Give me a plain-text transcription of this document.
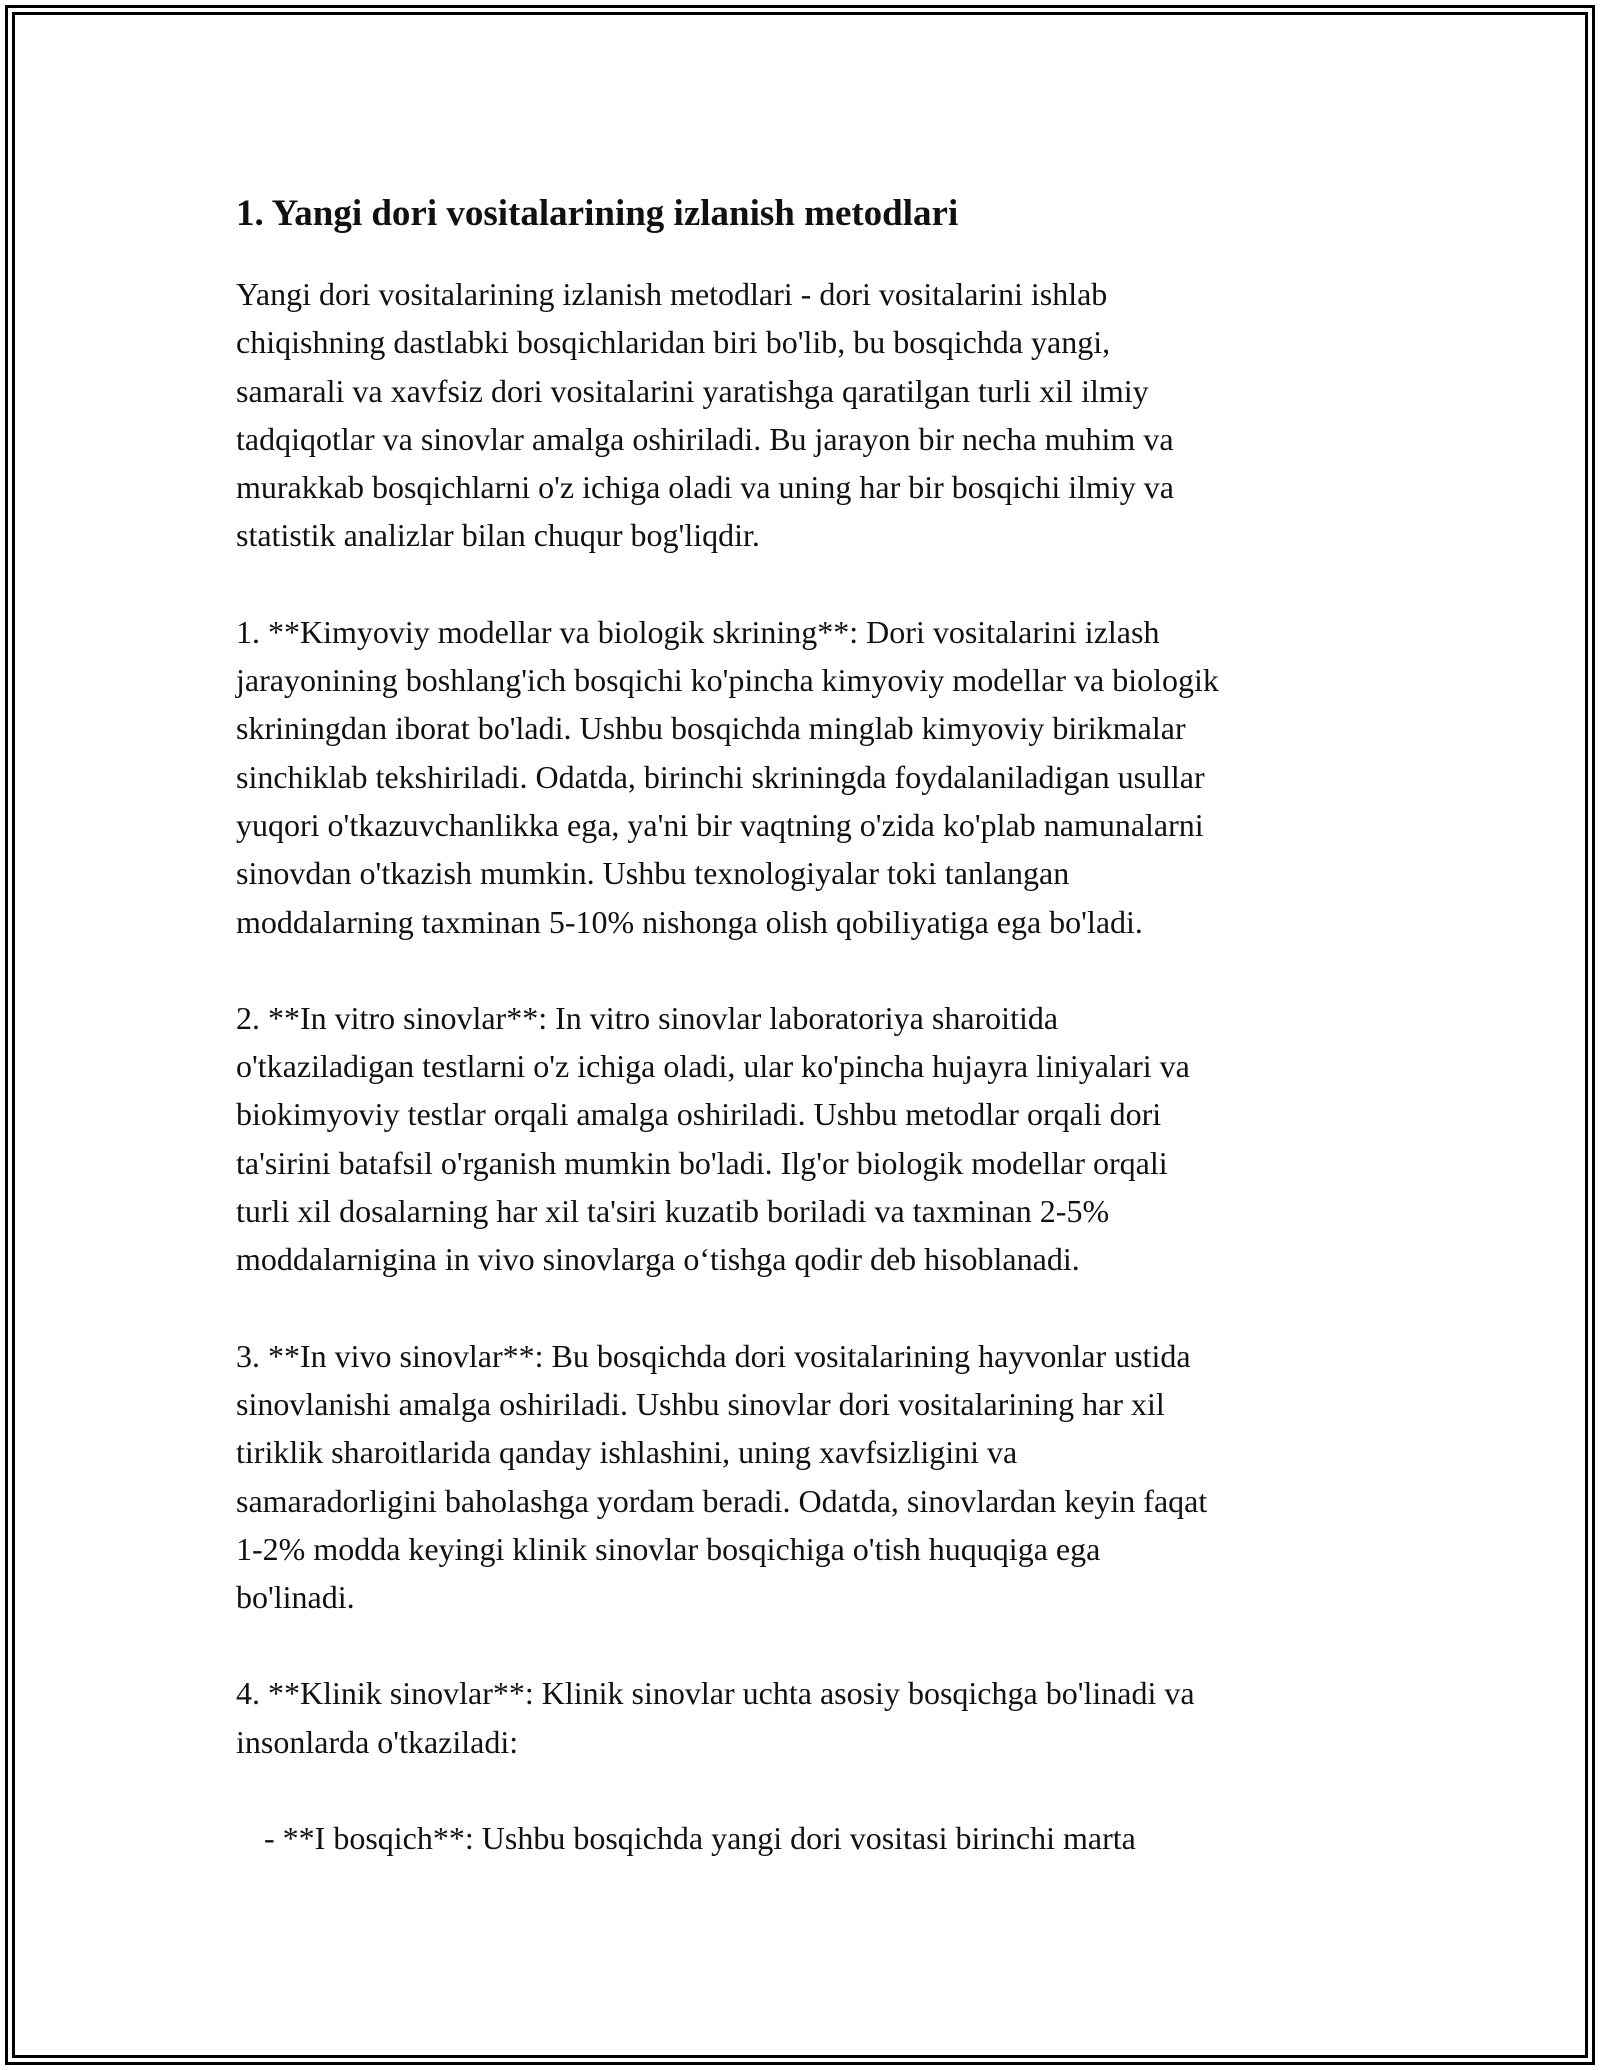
1. Yangi dori vositalarining izlanish metodlari

Yangi dori vositalarining izlanish metodlari - dori vositalarini ishlab
chiqishning dastlabki bosqichlaridan biri bo'lib, bu bosqichda yangi,
samarali va xavfsiz dori vositalarini yaratishga qaratilgan turli xil ilmiy
tadqiqotlar va sinovlar amalga oshiriladi. Bu jarayon bir necha muhim va
murakkab bosqichlarni o'z ichiga oladi va uning har bir bosqichi ilmiy va
statistik analizlar bilan chuqur bog'liqdir.

1. **Kimyoviy modellar va biologik skrining**: Dori vositalarini izlash
jarayonining boshlang'ich bosqichi ko'pincha kimyoviy modellar va biologik
skriningdan iborat bo'ladi. Ushbu bosqichda minglab kimyoviy birikmalar
sinchiklab tekshiriladi. Odatda, birinchi skriningda foydalaniladigan usullar
yuqori o'tkazuvchanlikka ega, ya'ni bir vaqtning o'zida ko'plab namunalarni
sinovdan o'tkazish mumkin. Ushbu texnologiyalar toki tanlangan
moddalarning taxminan 5-10% nishonga olish qobiliyatiga ega bo'ladi.

2. **In vitro sinovlar**: In vitro sinovlar laboratoriya sharoitida
o'tkaziladigan testlarni o'z ichiga oladi, ular ko'pincha hujayra liniyalari va
biokimyoviy testlar orqali amalga oshiriladi. Ushbu metodlar orqali dori
ta'sirini batafsil o'rganish mumkin bo'ladi. Ilg'or biologik modellar orqali
turli xil dosalarning har xil ta'siri kuzatib boriladi va taxminan 2-5%
moddalarnigina in vivo sinovlarga oʻtishga qodir deb hisoblanadi.

3. **In vivo sinovlar**: Bu bosqichda dori vositalarining hayvonlar ustida
sinovlanishi amalga oshiriladi. Ushbu sinovlar dori vositalarining har xil
tiriklik sharoitlarida qanday ishlashini, uning xavfsizligini va
samaradorligini baholashga yordam beradi. Odatda, sinovlardan keyin faqat
1-2% modda keyingi klinik sinovlar bosqichiga o'tish huquqiga ega
bo'linadi.

4. **Klinik sinovlar**: Klinik sinovlar uchta asosiy bosqichga bo'linadi va
insonlarda o'tkaziladi:

- **I bosqich**: Ushbu bosqichda yangi dori vositasi birinchi marta
